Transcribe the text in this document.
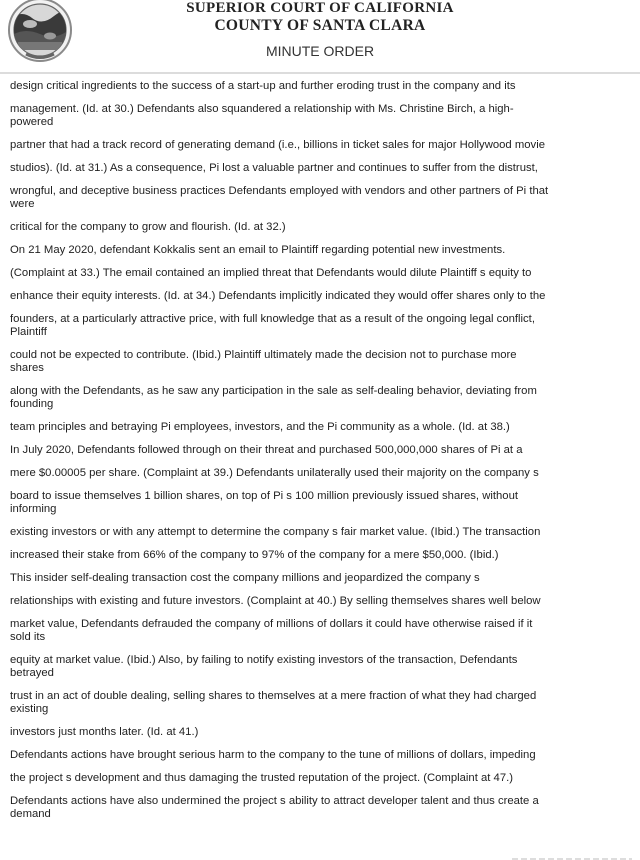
SUPERIOR COURT OF CALIFORNIA
COUNTY OF SANTA CLARA
MINUTE ORDER

design critical ingredients to the success of a start-up and further eroding trust in the company and its

management. (Id. at 30.) Defendants also squandered a relationship with Ms. Christine Birch, a high-

powered

partner that had a track record of generating demand (i.e., billions in ticket sales for major Hollywood movie

studios). (Id. at 31.) As a consequence, Pi lost a valuable partner and continues to suffer from the distrust,

wrongful, and deceptive business practices Defendants employed with vendors and other partners of Pi that

were

critical for the company to grow and flourish. (Id. at 32.)

On 21 May 2020, defendant Kokkalis sent an email to Plaintiff regarding potential new investments.

(Complaint at 33.) The email contained an implied threat that Defendants would dilute Plaintiff s equity to

enhance their equity interests. (Id. at 34.) Defendants implicitly indicated they would offer shares only to the

founders, at a particularly attractive price, with full knowledge that as a result of the ongoing legal conflict,

Plaintiff

could not be expected to contribute. (Ibid.) Plaintiff ultimately made the decision not to purchase more

shares

along with the Defendants, as he saw any participation in the sale as self-dealing behavior, deviating from

founding

team principles and betraying Pi employees, investors, and the Pi community as a whole. (Id. at 38.)

In July 2020, Defendants followed through on their threat and purchased 500,000,000 shares of Pi at a

mere $0.00005 per share. (Complaint at 39.) Defendants unilaterally used their majority on the company s

board to issue themselves 1 billion shares, on top of Pi s 100 million previously issued shares, without

informing

existing investors or with any attempt to determine the company s fair market value. (Ibid.) The transaction

increased their stake from 66% of the company to 97% of the company for a mere $50,000. (Ibid.)

This insider self-dealing transaction cost the company millions and jeopardized the company s

relationships with existing and future investors. (Complaint at 40.) By selling themselves shares well below

market value, Defendants defrauded the company of millions of dollars it could have otherwise raised if it

sold its

equity at market value. (Ibid.) Also, by failing to notify existing investors of the transaction, Defendants

betrayed

trust in an act of double dealing, selling shares to themselves at a mere fraction of what they had charged

existing

investors just months later. (Id. at 41.)

Defendants actions have brought serious harm to the company to the tune of millions of dollars, impeding

the project s development and thus damaging the trusted reputation of the project. (Complaint at 47.)

Defendants actions have also undermined the project s ability to attract developer talent and thus create a

demand
